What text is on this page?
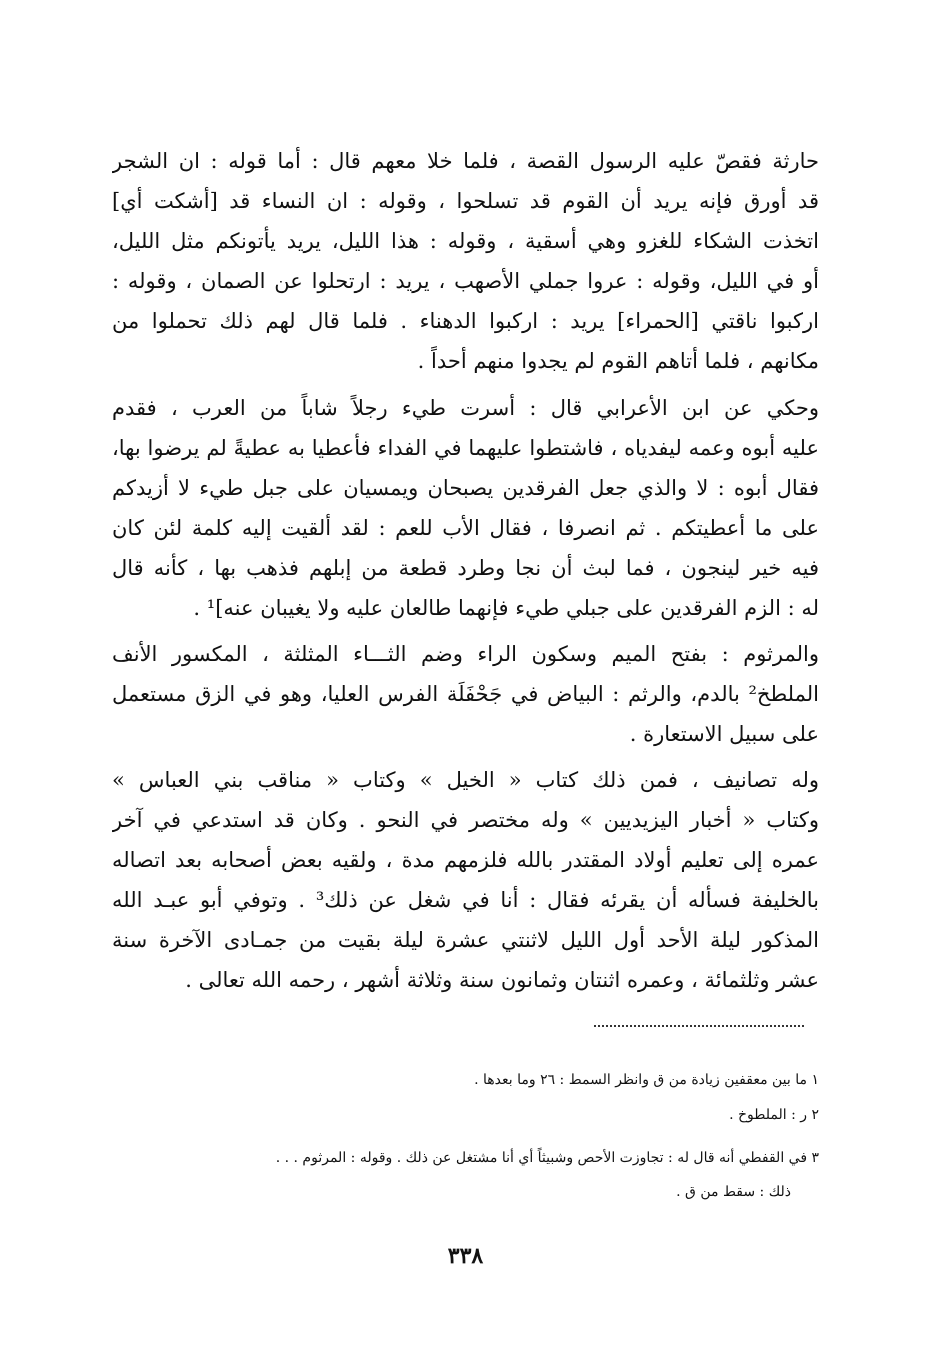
حارثة فقصّ عليه الرسول القصة ، فلما خلا معهم قال : أما قوله : ان الشجر
قد أورق فإنه يريد أن القوم قد تسلحوا ، وقوله : ان النساء قد [أشكت أي]
اتخذت الشكاء للغزو وهي أسقية ، وقوله : هذا الليل، يريد يأتونكم مثل الليل،
أو في الليل، وقوله : عروا جملي الأصهب ، يريد : ارتحلوا عن الصمان ، وقوله :
اركبوا ناقتي [الحمراء] يريد : اركبوا الدهناء . فلما قال لهم ذلك تحملوا من
مكانهم ، فلما أتاهم القوم لم يجدوا منهم أحداً .
وحكي عن ابن الأعرابي قال : أسرت طيء رجلاً شاباً من العرب ، فقدم
عليه أبوه وعمه ليفدياه ، فاشتطوا عليهما في الفداء فأعطيا به عطيةً لم يرضوا بها،
فقال أبوه : لا والذي جعل الفرقدين يصبحان ويمسيان على جبل طيء لا أزيدكم
على ما أعطيتكم . ثم انصرفا ، فقال الأب للعم : لقد ألقيت إليه كلمة لئن كان
فيه خير لينجون ، فما لبث أن نجا وطرد قطعة من إبلهم فذهب بها ، كأنه قال
له : الزم الفرقدين على جبلي طيء فإنهما طالعان عليه ولا يغيبان عنه]¹ .
والمرثوم : بفتح الميم وسكون الراء وضم الثـــاء المثلثة ، المكسور الأنف
الملطخ² بالدم، والرثم : البياض في جَحْفَلَة الفرس العليا، وهو في الزق مستعمل
على سبيل الاستعارة .
وله تصانيف ، فمن ذلك كتاب « الخيل » وكتاب « مناقب بني العباس »
وكتاب « أخبار اليزيديين » وله مختصر في النحو . وكان قد استدعي في آخر
عمره إلى تعليم أولاد المقتدر بالله فلزمهم مدة ، ولقيه بعض أصحابه بعد اتصاله
بالخليفة فسأله أن يقرئه فقال : أنا في شغل عن ذلك³ . وتوفي أبو عبـد الله
المذكور ليلة الأحد أول الليل لاثنتي عشرة ليلة بقيت من جمـادى الآخرة سنة
عشر وثلثمائة ، وعمره اثنتان وثمانون سنة وثلاثة أشهر ، رحمه الله تعالى .
١ ما بين معقفين زيادة من ق وانظر السمط : ٢٦ وما بعدها .
٢ ر : الملطوخ .
٣ في القفطي أنه قال له : تجاوزت الأحص وشبيثاً أي أنا مشتغل عن ذلك . وقوله : المرثوم . . .
ذلك : سقط من ق .
٣٣٨
